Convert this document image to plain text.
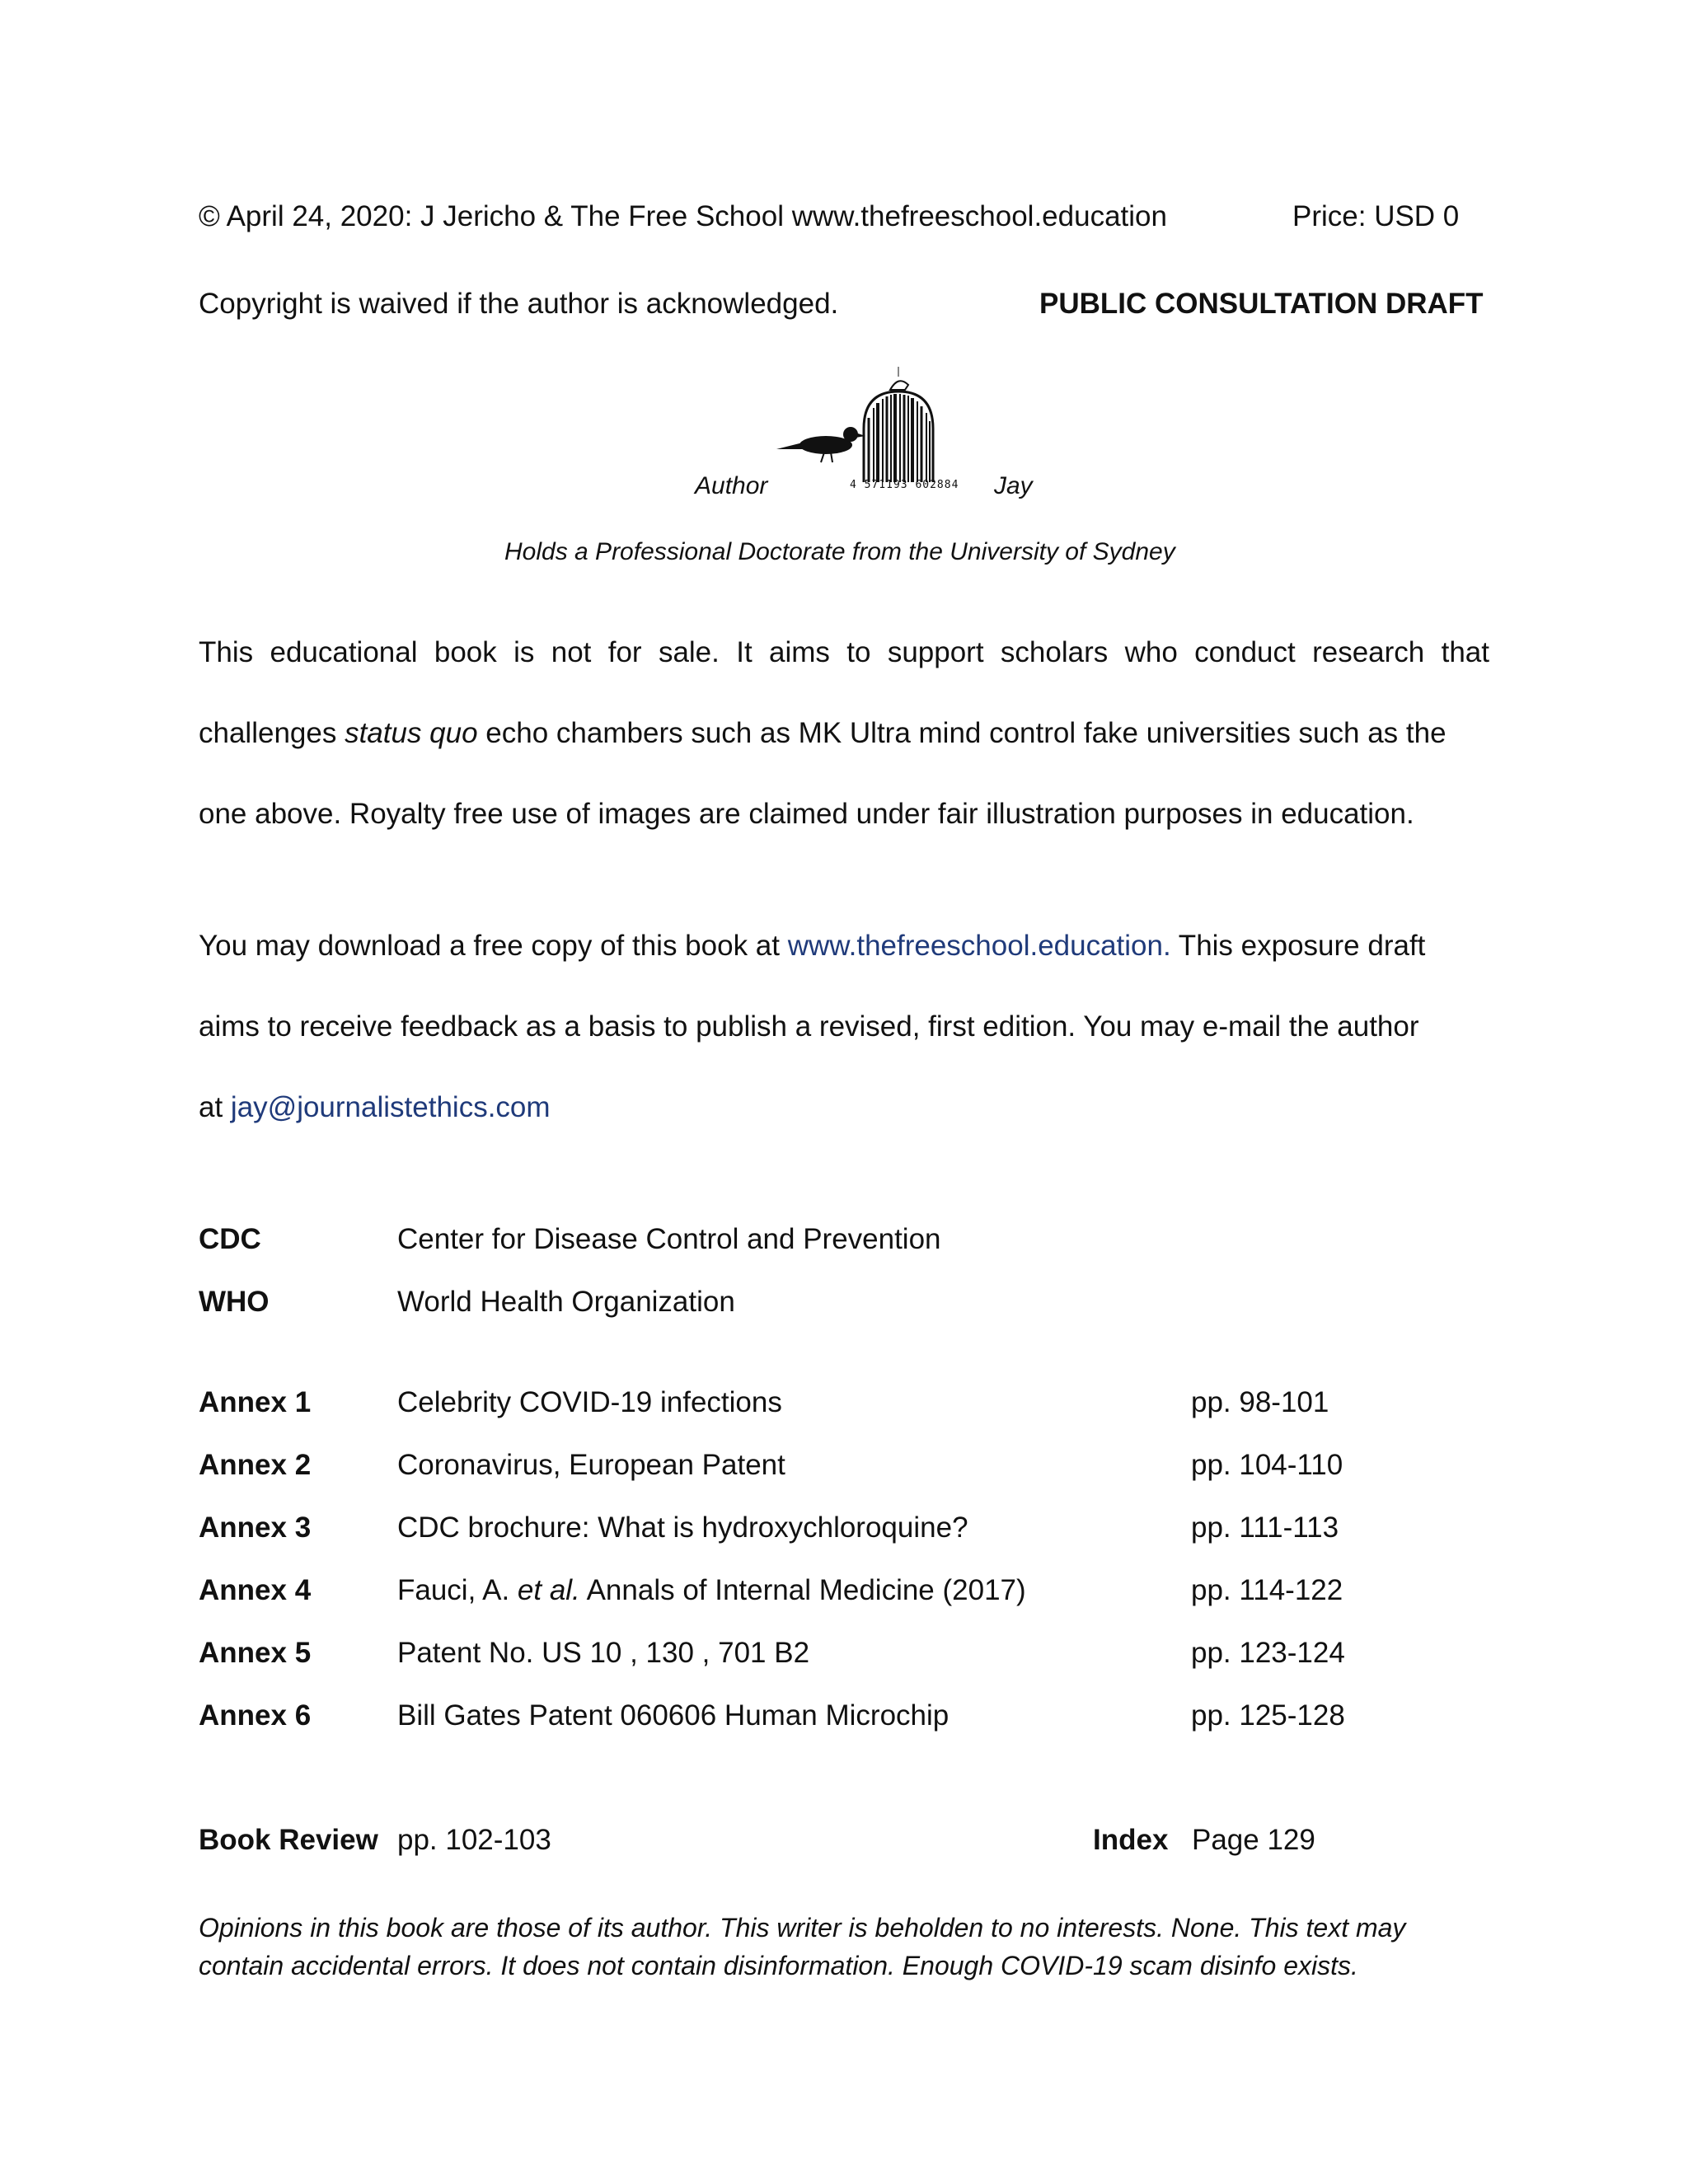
© April 24, 2020: J Jericho & The Free School www.thefreeschool.education	Price: USD 0
Copyright is waived if the author is acknowledged.	PUBLIC CONSULTATION DRAFT
Author	Jay
4 571193 602884
Holds a Professional Doctorate from the University of Sydney
This educational book is not for sale. It aims to support scholars who conduct research that
challenges status quo echo chambers such as MK Ultra mind control fake universities such as the
one above. Royalty free use of images are claimed under fair illustration purposes in education.
You may download a free copy of this book at www.thefreeschool.education. This exposure draft
aims to receive feedback as a basis to publish a revised, first edition. You may e-mail the author
at jay@journalistethics.com
CDC	Center for Disease Control and Prevention
WHO	World Health Organization
Annex 1	Celebrity COVID-19 infections	pp. 98-101
Annex 2	Coronavirus, European Patent	pp. 104-110
Annex 3	CDC brochure: What is hydroxychloroquine?	pp. 111-113
Annex 4	Fauci, A. et al. Annals of Internal Medicine (2017)	pp. 114-122
Annex 5	Patent No. US 10 , 130 , 701 B2	pp. 123-124
Annex 6	Bill Gates Patent 060606 Human Microchip	pp. 125-128
Book Review pp. 102-103	Index Page 129
Opinions in this book are those of its author. This writer is beholden to no interests. None. This text may
contain accidental errors. It does not contain disinformation. Enough COVID-19 scam disinfo exists.
